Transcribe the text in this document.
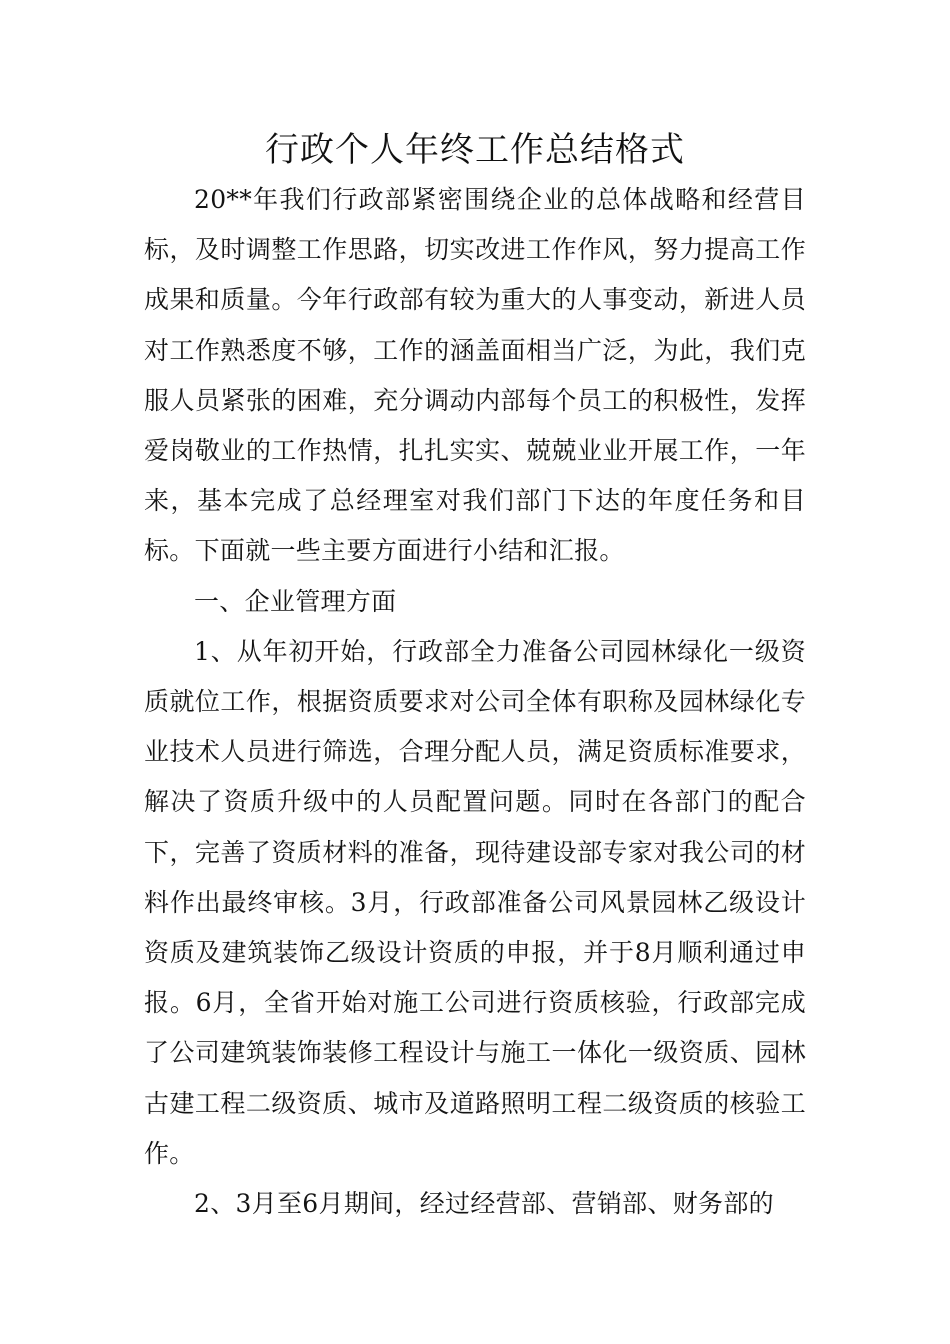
行政个人年终工作总结格式

20**年我们行政部紧密围绕企业的总体战略和经营目标，及时调整工作思路，切实改进工作作风，努力提高工作成果和质量。今年行政部有较为重大的人事变动，新进人员对工作熟悉度不够，工作的涵盖面相当广泛，为此，我们克服人员紧张的困难，充分调动内部每个员工的积极性，发挥爱岗敬业的工作热情，扎扎实实、兢兢业业开展工作，一年来，基本完成了总经理室对我们部门下达的年度任务和目标。下面就一些主要方面进行小结和汇报。

一、企业管理方面

1、从年初开始，行政部全力准备公司园林绿化一级资质就位工作，根据资质要求对公司全体有职称及园林绿化专业技术人员进行筛选，合理分配人员，满足资质标准要求，解决了资质升级中的人员配置问题。同时在各部门的配合下，完善了资质材料的准备，现待建设部专家对我公司的材料作出最终审核。3月，行政部准备公司风景园林乙级设计资质及建筑装饰乙级设计资质的申报，并于8月顺利通过申报。6月，全省开始对施工公司进行资质核验，行政部完成了公司建筑装饰装修工程设计与施工一体化一级资质、园林古建工程二级资质、城市及道路照明工程二级资质的核验工作。

2、3月至6月期间，经过经营部、营销部、财务部的
